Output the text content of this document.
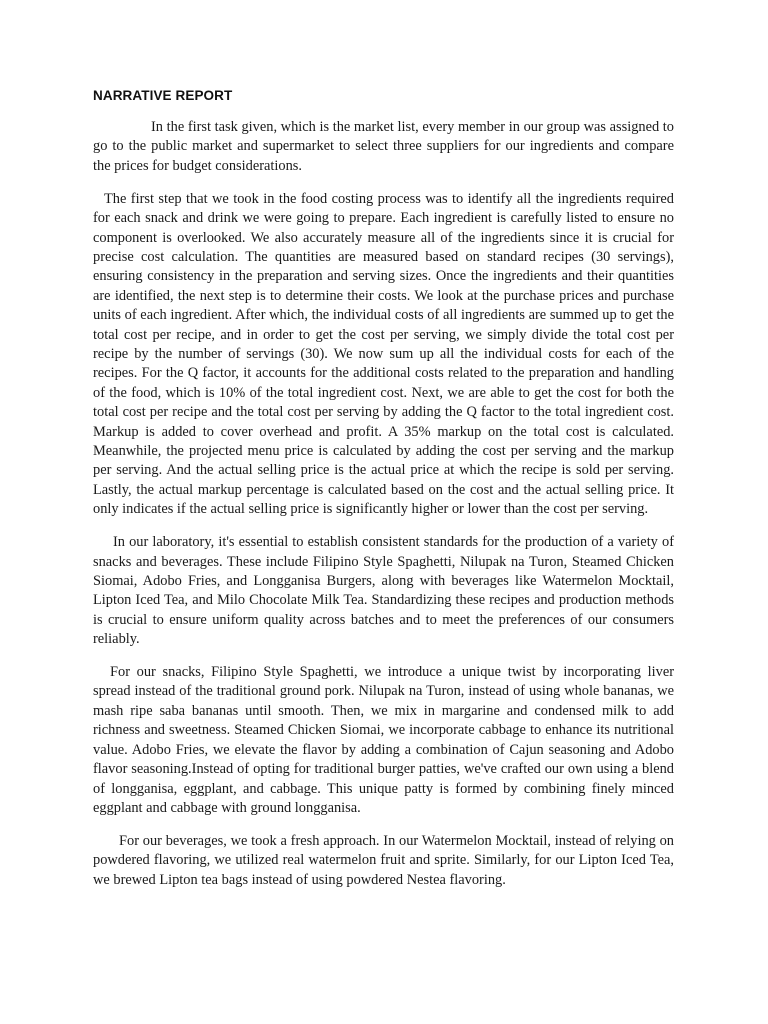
NARRATIVE REPORT

In the first task given, which is the market list, every member in our group was assigned to go to the public market and supermarket to select three suppliers for our ingredients and compare the prices for budget considerations.

The first step that we took in the food costing process was to identify all the ingredients required for each snack and drink we were going to prepare. Each ingredient is carefully listed to ensure no component is overlooked. We also accurately measure all of the ingredients since it is crucial for precise cost calculation. The quantities are measured based on standard recipes (30 servings), ensuring consistency in the preparation and serving sizes. Once the ingredients and their quantities are identified, the next step is to determine their costs. We look at the purchase prices and purchase units of each ingredient. After which, the individual costs of all ingredients are summed up to get the total cost per recipe, and in order to get the cost per serving, we simply divide the total cost per recipe by the number of servings (30). We now sum up all the individual costs for each of the recipes. For the Q factor, it accounts for the additional costs related to the preparation and handling of the food, which is 10% of the total ingredient cost. Next, we are able to get the cost for both the total cost per recipe and the total cost per serving by adding the Q factor to the total ingredient cost. Markup is added to cover overhead and profit. A 35% markup on the total cost is calculated. Meanwhile, the projected menu price is calculated by adding the cost per serving and the markup per serving. And the actual selling price is the actual price at which the recipe is sold per serving. Lastly, the actual markup percentage is calculated based on the cost and the actual selling price. It only indicates if the actual selling price is significantly higher or lower than the cost per serving.

In our laboratory, it's essential to establish consistent standards for the production of a variety of snacks and beverages. These include Filipino Style Spaghetti, Nilupak na Turon, Steamed Chicken Siomai, Adobo Fries, and Longganisa Burgers, along with beverages like Watermelon Mocktail, Lipton Iced Tea, and Milo Chocolate Milk Tea. Standardizing these recipes and production methods is crucial to ensure uniform quality across batches and to meet the preferences of our consumers reliably.

For our snacks, Filipino Style Spaghetti, we introduce a unique twist by incorporating liver spread instead of the traditional ground pork. Nilupak na Turon, instead of using whole bananas, we mash ripe saba bananas until smooth. Then, we mix in margarine and condensed milk to add richness and sweetness. Steamed Chicken Siomai, we incorporate cabbage to enhance its nutritional value. Adobo Fries, we elevate the flavor by adding a combination of Cajun seasoning and Adobo flavor seasoning.Instead of opting for traditional burger patties, we've crafted our own using a blend of longganisa, eggplant, and cabbage. This unique patty is formed by combining finely minced eggplant and cabbage with ground longganisa.

For our beverages, we took a fresh approach. In our Watermelon Mocktail, instead of relying on powdered flavoring, we utilized real watermelon fruit and sprite. Similarly, for our Lipton Iced Tea, we brewed Lipton tea bags instead of using powdered Nestea flavoring.
